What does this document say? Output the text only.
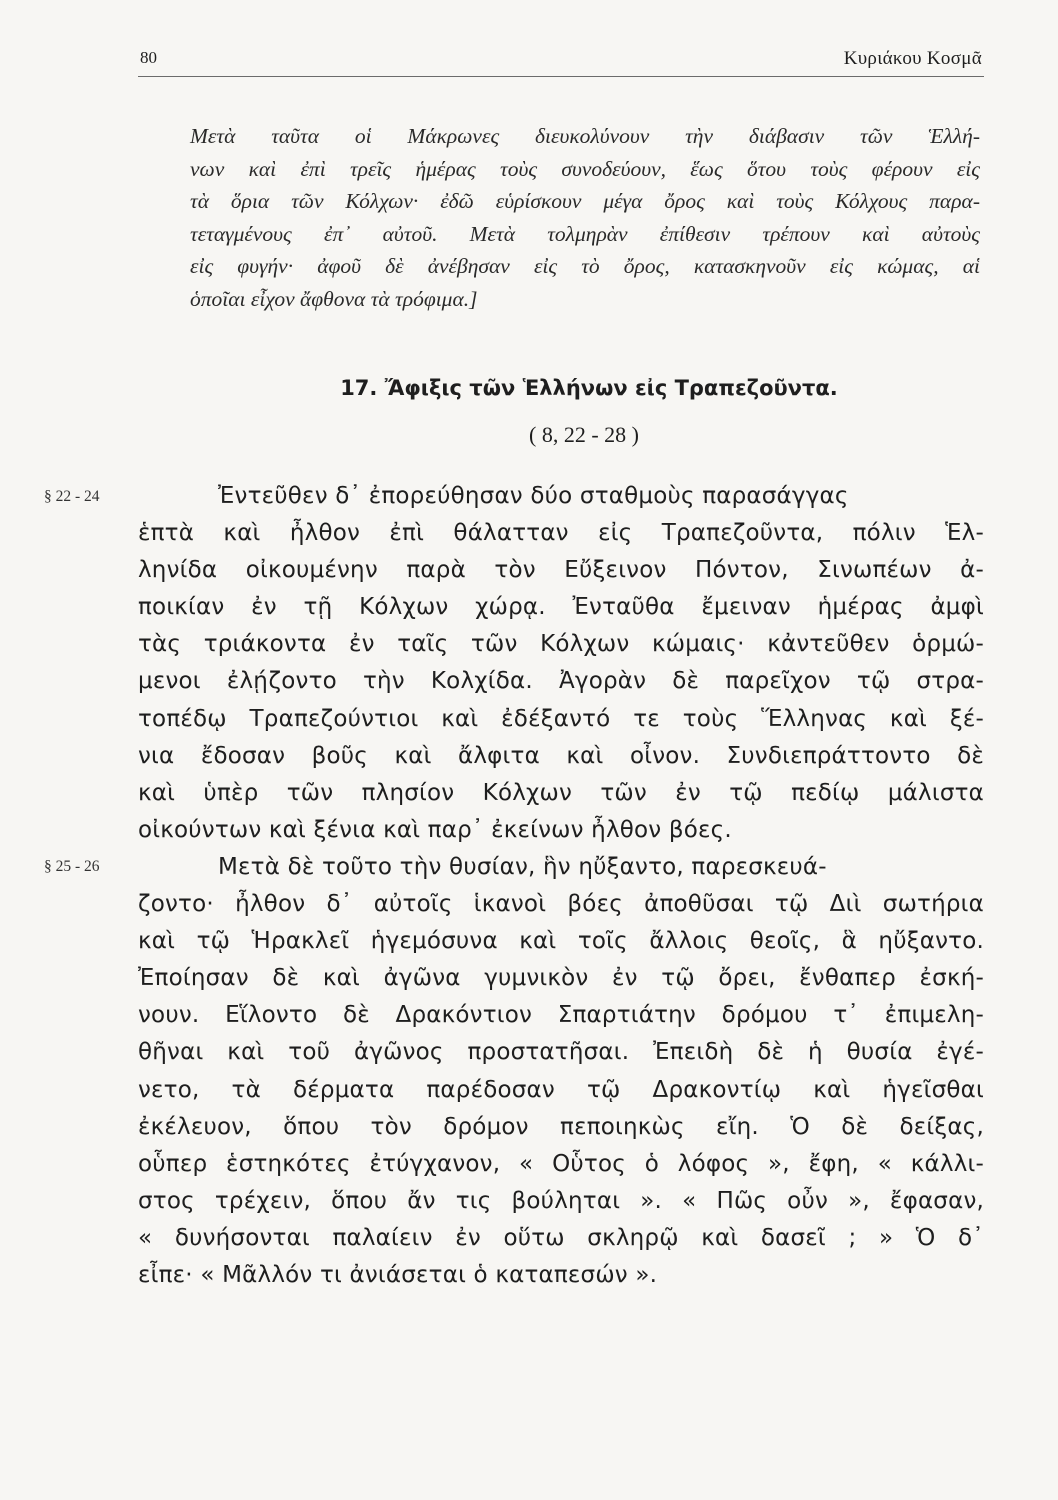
80	Κυριάκου Κοσμᾶ
Μετὰ ταῦτα οἱ Μάκρωνες διευκολύνουν τὴν διάβασιν τῶν Ἑλλή-
νων καὶ ἐπὶ τρεῖς ἡμέρας τοὺς συνοδεύουν, ἕως ὅτου τοὺς φέρουν εἰς
τὰ ὅρια τῶν Κόλχων· ἐδῶ εὑρίσκουν μέγα ὄρος καὶ τοὺς Κόλχους παρα-
τεταγμένους ἐπ᾽ αὐτοῦ. Μετὰ τολμηρὰν ἐπίθεσιν τρέπουν καὶ αὐτοὺς
εἰς φυγήν· ἀφοῦ δὲ ἀνέβησαν εἰς τὸ ὄρος, κατασκηνοῦν εἰς κώμας, αἱ
ὁποῖαι εἶχον ἄφθονα τὰ τρόφιμα.]
17. Ἄφιξις τῶν Ἑλλήνων εἰς Τραπεζοῦντα.
( 8, 22 - 28 )
§ 22 - 24	Ἐντεῦθεν δ᾽ ἐπορεύθησαν δύο σταθμοὺς παρασάγγας
ἑπτὰ καὶ ἦλθον ἐπὶ θάλατταν εἰς Τραπεζοῦντα, πόλιν Ἑλ-
ληνίδα οἰκουμένην παρὰ τὸν Εὔξεινον Πόντον, Σινωπέων ἀ-
ποικίαν ἐν τῇ Κόλχων χώρᾳ. Ἐνταῦθα ἔμειναν ἡμέρας ἀμφὶ
τὰς τριάκοντα ἐν ταῖς τῶν Κόλχων κώμαις· κἀντεῦθεν ὁρμώ-
μενοι ἐλῄζοντο τὴν Κολχίδα. Ἀγορὰν δὲ παρεῖχον τῷ στρα-
τοπέδῳ Τραπεζούντιοι καὶ ἐδέξαντό τε τοὺς Ἕλληνας καὶ ξέ-
νια ἔδοσαν βοῦς καὶ ἄλφιτα καὶ οἶνον. Συνδιεπράττοντο δὲ
καὶ ὑπὲρ τῶν πλησίον Κόλχων τῶν ἐν τῷ πεδίῳ μάλιστα
οἰκούντων καὶ ξένια καὶ παρ᾽ ἐκείνων ἦλθον βόες.
§ 25 - 26	Μετὰ δὲ τοῦτο τὴν θυσίαν, ἣν ηὔξαντο, παρεσκευά-
ζοντο· ἦλθον δ᾽ αὐτοῖς ἱκανοὶ βόες ἀποθῦσαι τῷ Διὶ σωτήρια
καὶ τῷ Ἡρακλεῖ ἡγεμόσυνα καὶ τοῖς ἄλλοις θεοῖς, ἃ ηὔξαντο.
Ἐποίησαν δὲ καὶ ἀγῶνα γυμνικὸν ἐν τῷ ὄρει, ἔνθαπερ ἐσκή-
νουν. Εἵλοντο δὲ Δρακόντιον Σπαρτιάτην δρόμου τ᾽ ἐπιμελη-
θῆναι καὶ τοῦ ἀγῶνος προστατῆσαι. Ἐπειδὴ δὲ ἡ θυσία ἐγέ-
νετο, τὰ δέρματα παρέδοσαν τῷ Δρακοντίῳ καὶ ἡγεῖσθαι
ἐκέλευον, ὅπου τὸν δρόμον πεποιηκὼς εἴη. Ὁ δὲ δείξας,
οὗπερ ἑστηκότες ἐτύγχανον, « Οὗτος ὁ λόφος », ἔφη, « κάλλι-
στος τρέχειν, ὅπου ἄν τις βούληται ». « Πῶς οὖν », ἔφασαν,
« δυνήσονται παλαίειν ἐν οὕτω σκληρῷ καὶ δασεῖ ; » Ὁ δ᾽
εἶπε· « Μᾶλλόν τι ἀνιάσεται ὁ καταπεσών ».
